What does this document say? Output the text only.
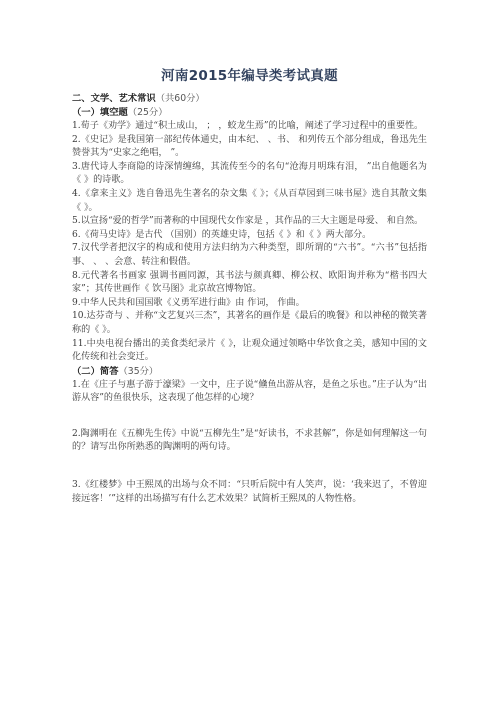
河南2015年编导类考试真题

二、文学、艺术常识（共60分）

（一）填空题（25分）

1.荀子《劝学》通过“积土成山， ； ，蛟龙生焉”的比喻，阐述了学习过程中的重要性。

2.《史记》是我国第一部纪传体通史，由本纪、 、书、 和列传五个部分组成，鲁迅先生赞誉其为“史家之绝唱， ”。

3.唐代诗人李商隐的诗深情缠绵，其流传至今的名句“沧海月明珠有泪， ”出自他题名为《 》的诗歌。

4.《拿来主义》选自鲁迅先生著名的杂文集《 》；《从百草园到三味书屋》选自其散文集《 》。

5.以宣扬“爱的哲学”而著称的中国现代女作家是 ，其作品的三大主题是母爱、 和自然。

6.《荷马史诗》是古代 （国别）的英雄史诗，包括《 》和《 》两大部分。

7.汉代学者把汉字的构成和使用方法归纳为六种类型，即所谓的“六书”。“六书”包括指事、 、 、会意、转注和假借。

8.元代著名书画家 强调书画同源，其书法与颜真卿、柳公权、欧阳询并称为“楷书四大家”；其传世画作《 饮马图》北京故宫博物馆。

9.中华人民共和国国歌《义勇军进行曲》由 作词， 作曲。

10.达芬奇与 、并称“文艺复兴三杰”，其著名的画作是《最后的晚餐》和以神秘的微笑著称的《 》。

11.中央电视台播出的美食类纪录片《 》，让观众通过领略中华饮食之美，感知中国的文化传统和社会变迁。

（二）简答（35分）

1.在《庄子与惠子游于濠梁》一文中，庄子说“儵鱼出游从容，是鱼之乐也。”庄子认为“出游从容”的鱼很快乐，这表现了他怎样的心境？

2.陶渊明在《五柳先生传》中说“五柳先生”是“好读书，不求甚解”，你是如何理解这一句的？请写出你所熟悉的陶渊明的两句诗。

3.《红楼梦》中王熙凤的出场与众不同：“只听后院中有人笑声，说：‘我来迟了，不曾迎接远客！’”这样的出场描写有什么艺术效果？试简析王熙凤的人物性格。
